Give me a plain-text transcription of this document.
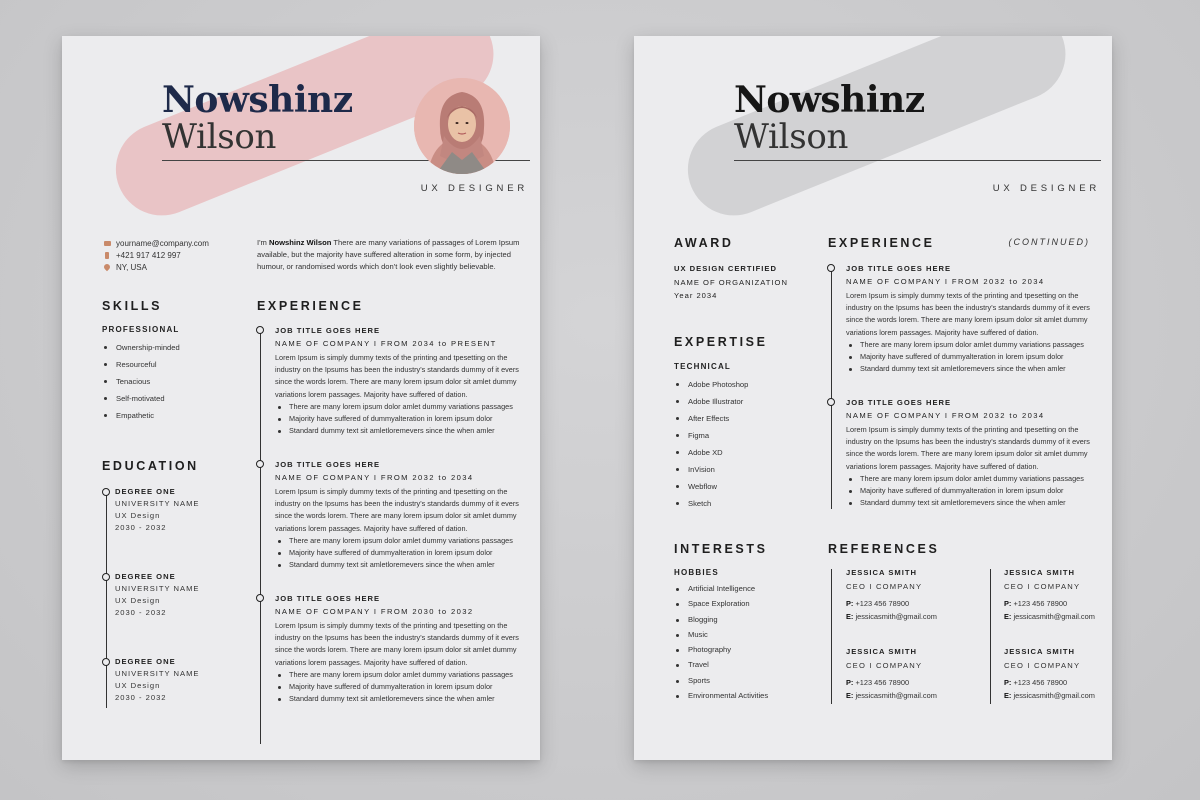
Nowshinz
Wilson
UX DESIGNER
yourname@company.com
+421 917 412 997
NY, USA
I'm Nowshinz Wilson There are many variations of passages of Lorem Ipsum available, but the majority have suffered alteration in some form, by injected humour, or randomised words which don't look even slightly believable.
SKILLS
PROFESSIONAL
Ownership-minded
Resourceful
Tenacious
Self-motivated
Empathetic
EDUCATION
DEGREE ONE
UNIVERSITY NAME
UX Design
2030 - 2032
DEGREE ONE
UNIVERSITY NAME
UX Design
2030 - 2032
DEGREE ONE
UNIVERSITY NAME
UX Design
2030 - 2032
EXPERIENCE
JOB TITLE GOES HERE
NAME OF COMPANY I FROM 2034 to PRESENT
Lorem Ipsum is simply dummy texts of the printing and tpesetting on the industry on the Ipsums has been the industry's standards dummy of it evers since the words lorem. There are many lorem ipsum dolor sit amlet dummy variations lorem passages. Majority have suffered of dation.
There are many lorem ipsum dolor amlet dummy variations passages
Majority have suffered of dummyalteration in lorem ipsum dolor
Standard dummy text sit amletloremevers since the when amler
JOB TITLE GOES HERE
NAME OF COMPANY I FROM 2032 to 2034
Lorem Ipsum is simply dummy texts of the printing and tpesetting on the industry on the Ipsums has been the industry's standards dummy of it evers since the words lorem. There are many lorem ipsum dolor sit amlet dummy variations lorem passages. Majority have suffered of dation.
There are many lorem ipsum dolor amlet dummy variations passages
Majority have suffered of dummyalteration in lorem ipsum dolor
Standard dummy text sit amletloremevers since the when amler
JOB TITLE GOES HERE
NAME OF COMPANY I FROM 2030 to 2032
Lorem Ipsum is simply dummy texts of the printing and tpesetting on the industry on the Ipsums has been the industry's standards dummy of it evers since the words lorem. There are many lorem ipsum dolor sit amlet dummy variations lorem passages. Majority have suffered of dation.
There are many lorem ipsum dolor amlet dummy variations passages
Majority have suffered of dummyalteration in lorem ipsum dolor
Standard dummy text sit amletloremevers since the when amler
Nowshinz
Wilson
UX DESIGNER
AWARD
UX DESIGN CERTIFIED
NAME OF ORGANIZATION
Year 2034
EXPERTISE
TECHNICAL
Adobe Photoshop
Adobe Illustrator
After Effects
Figma
Adobe XD
InVision
Webflow
Sketch
INTERESTS
HOBBIES
Artificial Intelligence
Space Exploration
Blogging
Music
Photography
Travel
Sports
Environmental Activities
EXPERIENCE	(CONTINUED)
JOB TITLE GOES HERE
NAME OF COMPANY I FROM 2032 to 2034
Lorem Ipsum is simply dummy texts of the printing and tpesetting on the industry on the Ipsums has been the industry's standards dummy of it evers since the words lorem. There are many lorem ipsum dolor sit amlet dummy variations lorem passages. Majority have suffered of dation.
There are many lorem ipsum dolor amlet dummy variations passages
Majority have suffered of dummyalteration in lorem ipsum dolor
Standard dummy text sit amletloremevers since the when amler
JOB TITLE GOES HERE
NAME OF COMPANY I FROM 2032 to 2034
Lorem Ipsum is simply dummy texts of the printing and tpesetting on the industry on the Ipsums has been the industry's standards dummy of it evers since the words lorem. There are many lorem ipsum dolor sit amlet dummy variations lorem passages. Majority have suffered of dation.
There are many lorem ipsum dolor amlet dummy variations passages
Majority have suffered of dummyalteration in lorem ipsum dolor
Standard dummy text sit amletloremevers since the when amler
REFERENCES
JESSICA SMITH
CEO I COMPANY
P: +123 456 78900
E: jessicasmith@gmail.com
JESSICA SMITH
CEO I COMPANY
P: +123 456 78900
E: jessicasmith@gmail.com
JESSICA SMITH
CEO I COMPANY
P: +123 456 78900
E: jessicasmith@gmail.com
JESSICA SMITH
CEO I COMPANY
P: +123 456 78900
E: jessicasmith@gmail.com
